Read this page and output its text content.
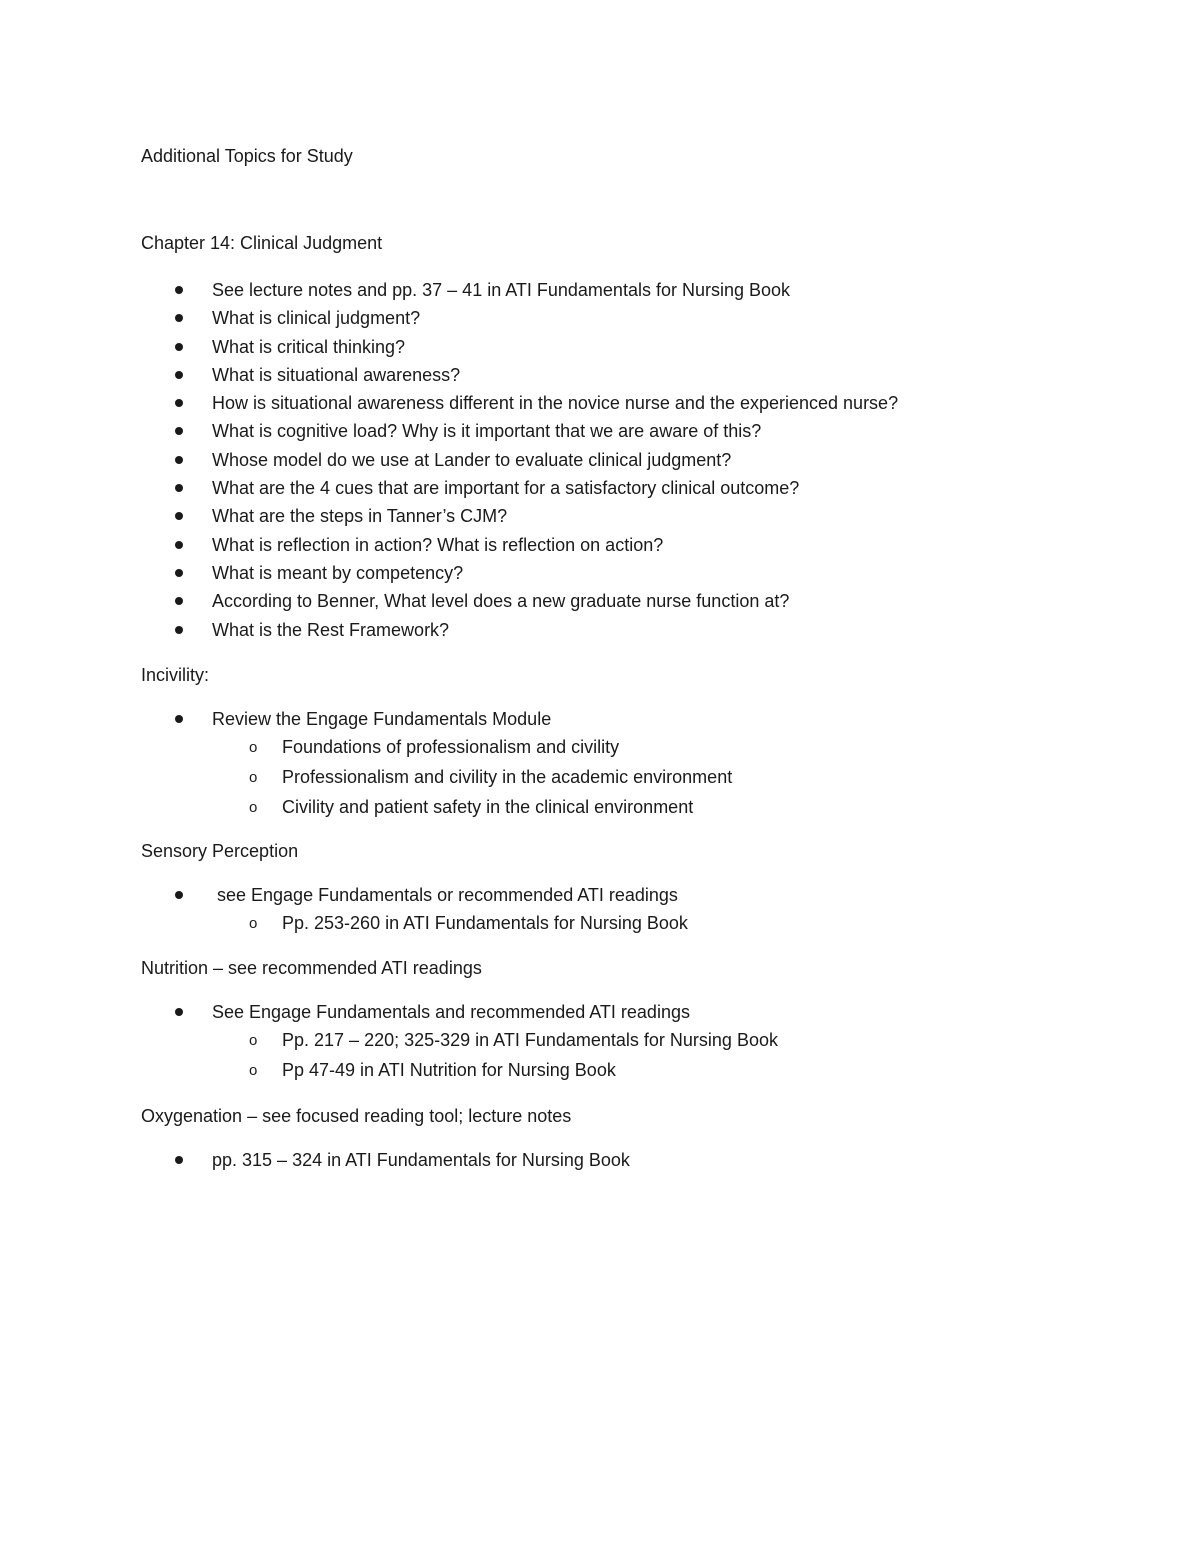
Additional Topics for Study
Chapter 14: Clinical Judgment
See lecture notes and pp. 37 – 41 in ATI Fundamentals for Nursing Book
What is clinical judgment?
What is critical thinking?
What is situational awareness?
How is situational awareness different in the novice nurse and the experienced nurse?
What is cognitive load? Why is it important that we are aware of this?
Whose model do we use at Lander to evaluate clinical judgment?
What are the 4 cues that are important for a satisfactory clinical outcome?
What are the steps in Tanner’s CJM?
What is reflection in action? What is reflection on action?
What is meant by competency?
According to Benner, What level does a new graduate nurse function at?
What is the Rest Framework?
Incivility:
Review the Engage Fundamentals Module
o Foundations of professionalism and civility
o Professionalism and civility in the academic environment
o Civility and patient safety in the clinical environment
Sensory Perception
see Engage Fundamentals or recommended ATI readings
o Pp. 253-260 in ATI Fundamentals for Nursing Book
Nutrition – see recommended ATI readings
See Engage Fundamentals and recommended ATI readings
o Pp. 217 – 220; 325-329 in ATI Fundamentals for Nursing Book
o Pp 47-49 in ATI Nutrition for Nursing Book
Oxygenation – see focused reading tool; lecture notes
pp. 315 – 324 in ATI Fundamentals for Nursing Book
